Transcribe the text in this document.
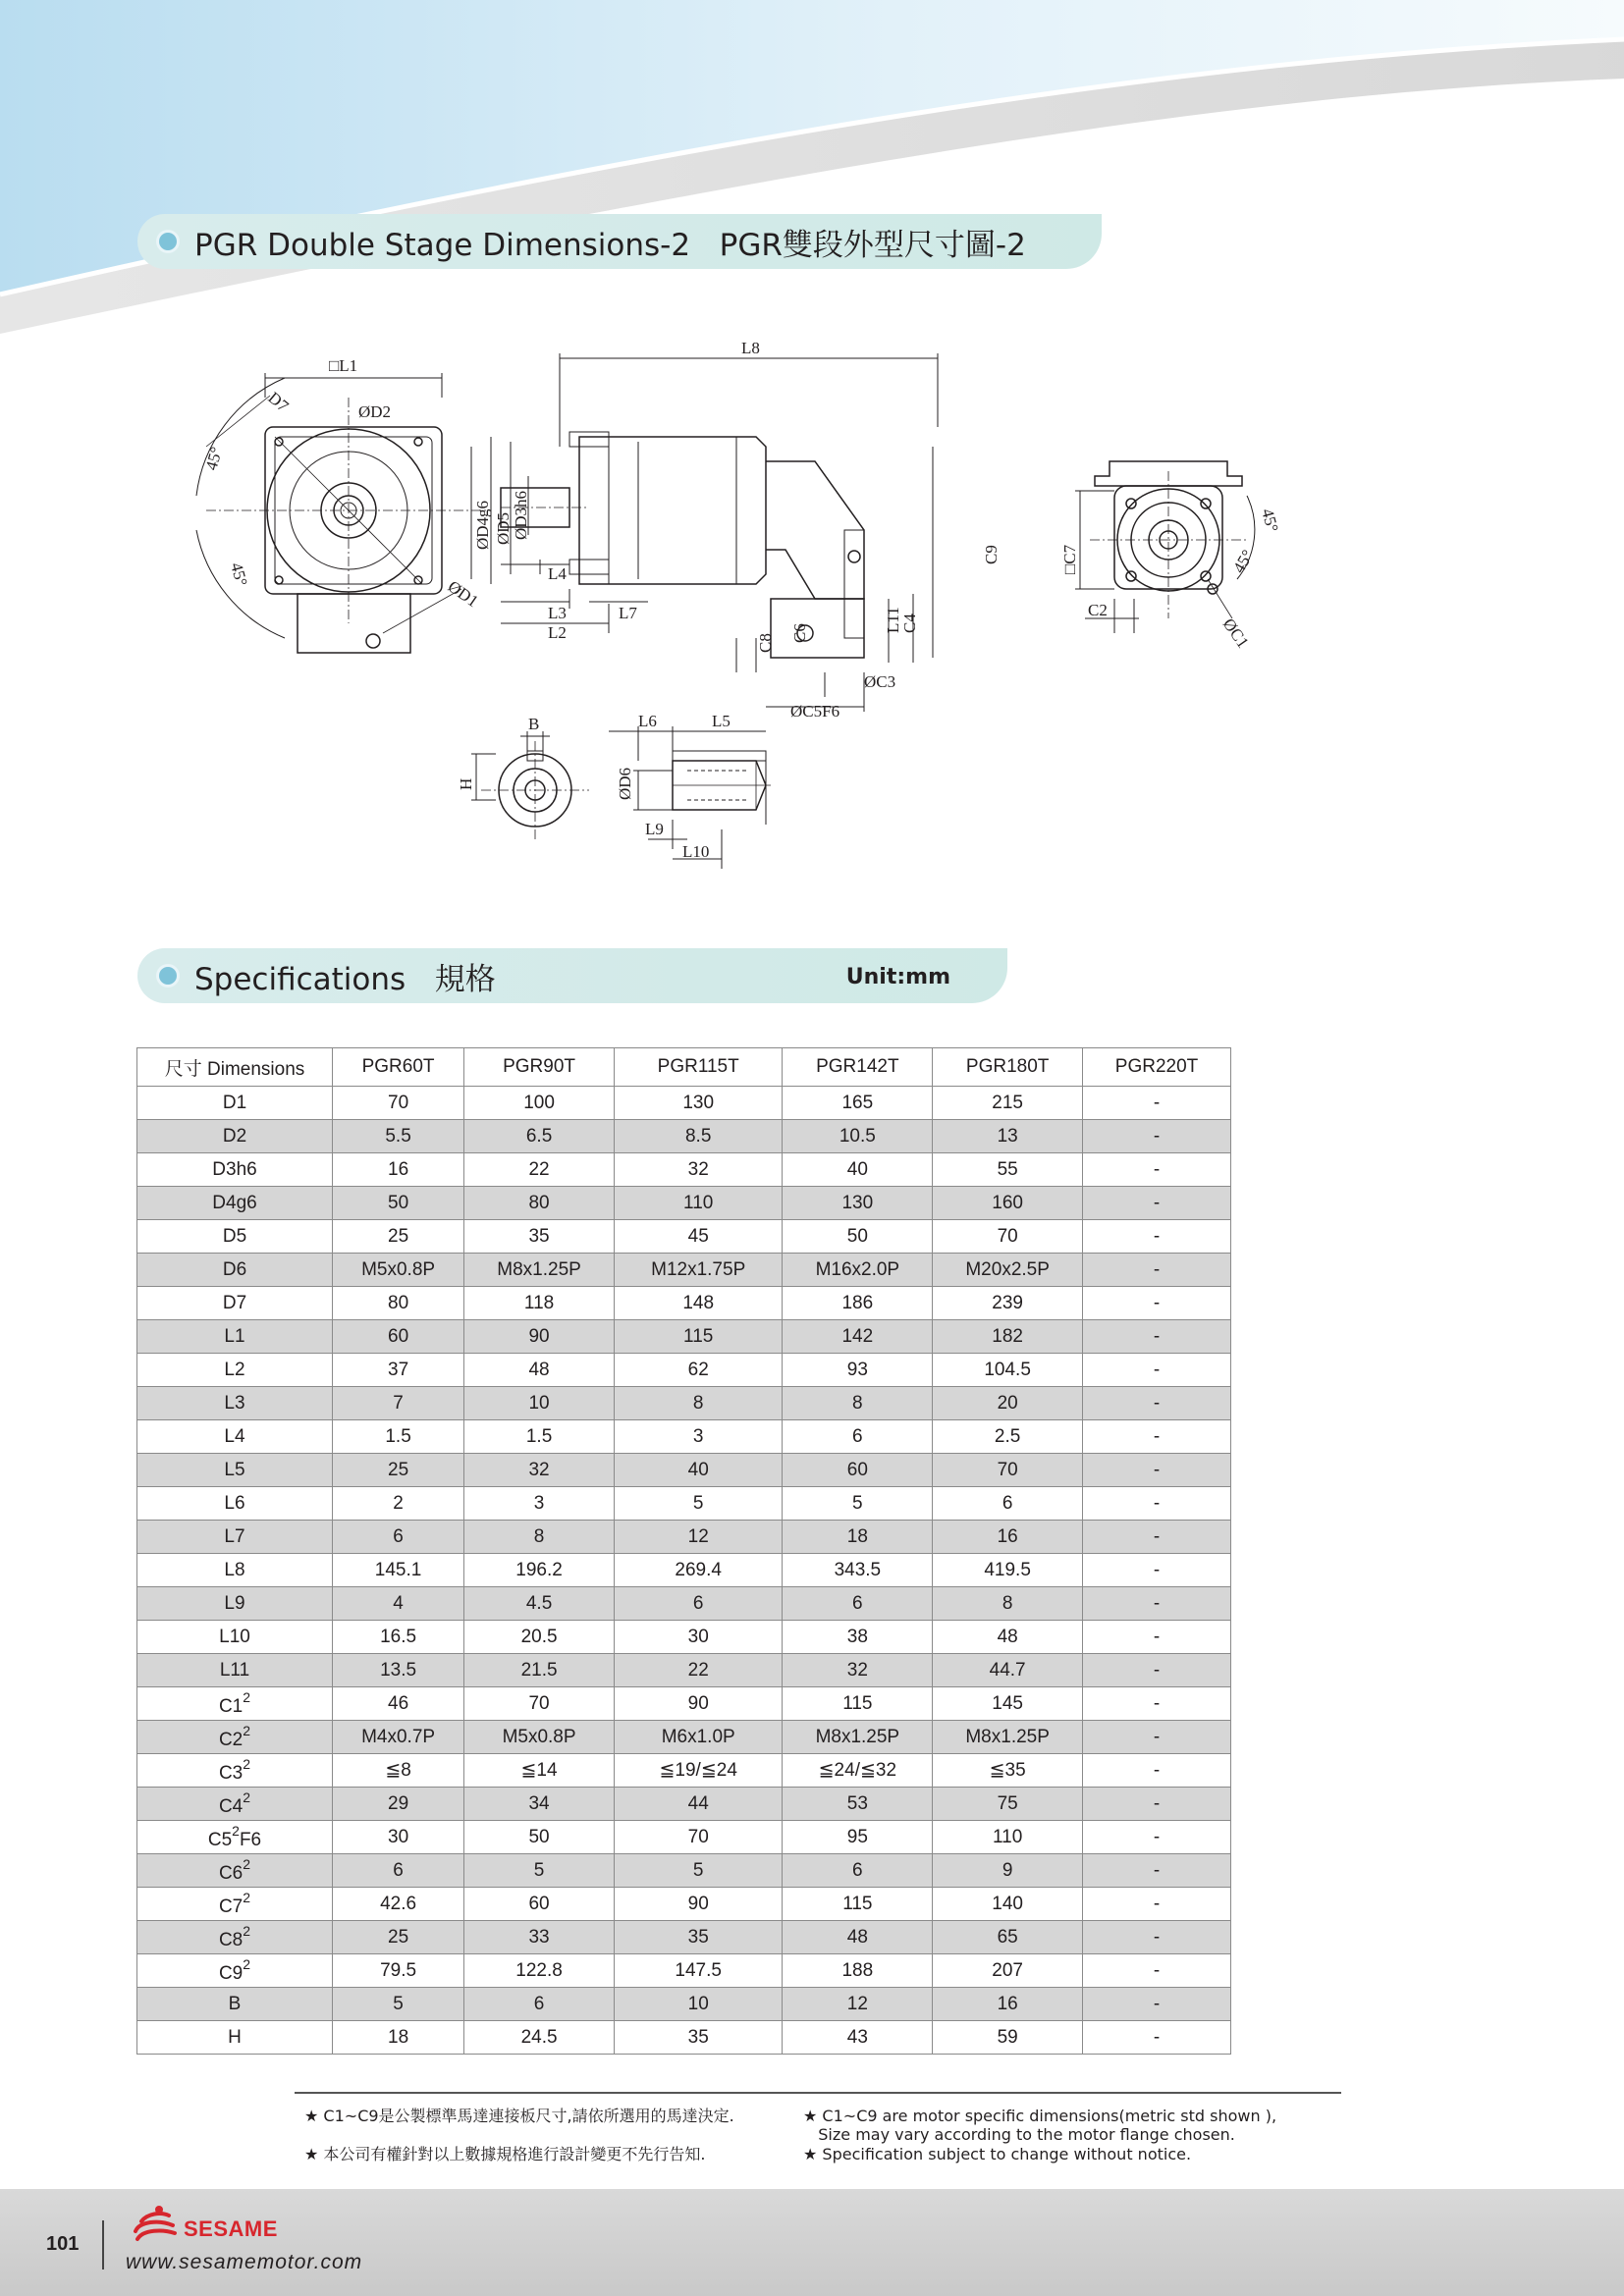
PGR Double Stage Dimensions-2   PGR雙段外型尺寸圖-2
□L1
ØD2
D7
45°
45°
ØD1
L8
ØD4g6 ØD5 ØD3h6
L4
L3	L7
L2
C8
C6
L11
C4
C9
ØC3
ØC5F6
□C7
C2
ØC1
45°
45°
B
H
L6	L5
ØD6
L9
L10
Specifications   規格	Unit:mm
尺寸 Dimensions	PGR60T	PGR90T	PGR115T	PGR142T	PGR180T	PGR220T
D1	70	100	130	165	215	-
D2	5.5	6.5	8.5	10.5	13	-
D3h6	16	22	32	40	55	-
D4g6	50	80	110	130	160	-
D5	25	35	45	50	70	-
D6	M5x0.8P	M8x1.25P	M12x1.75P	M16x2.0P	M20x2.5P	-
D7	80	118	148	186	239	-
L1	60	90	115	142	182	-
L2	37	48	62	93	104.5	-
L3	7	10	8	8	20	-
L4	1.5	1.5	3	6	2.5	-
L5	25	32	40	60	70	-
L6	2	3	5	5	6	-
L7	6	8	12	18	16	-
L8	145.1	196.2	269.4	343.5	419.5	-
L9	4	4.5	6	6	8	-
L10	16.5	20.5	30	38	48	-
L11	13.5	21.5	22	32	44.7	-
$C1^2$	46	70	90	115	145	-
$C2^2$	M4x0.7P	M5x0.8P	M6x1.0P	M8x1.25P	M8x1.25P	-
$C3^2$	≦8	≦14	≦19/≦24	≦24/≦32	≦35	-
$C4^2$	29	34	44	53	75	-
$C5^2F6$	30	50	70	95	110	-
$C6^2$	6	5	5	6	9	-
$C7^2$	42.6	60	90	115	140	-
$C8^2$	25	33	35	48	65	-
$C9^2$	79.5	122.8	147.5	188	207	-
B	5	6	10	12	16	-
H	18	24.5	35	43	59	-
★ C1~C9是公製標準馬達連接板尺寸,請依所選用的馬達決定.
★ 本公司有權針對以上數據規格進行設計變更不先行告知.
★ C1~C9 are motor specific dimensions(metric std shown ),
Size may vary according to the motor flange chosen.
★ Specification subject to change without notice.
101
SESAME
www.sesamemotor.com
